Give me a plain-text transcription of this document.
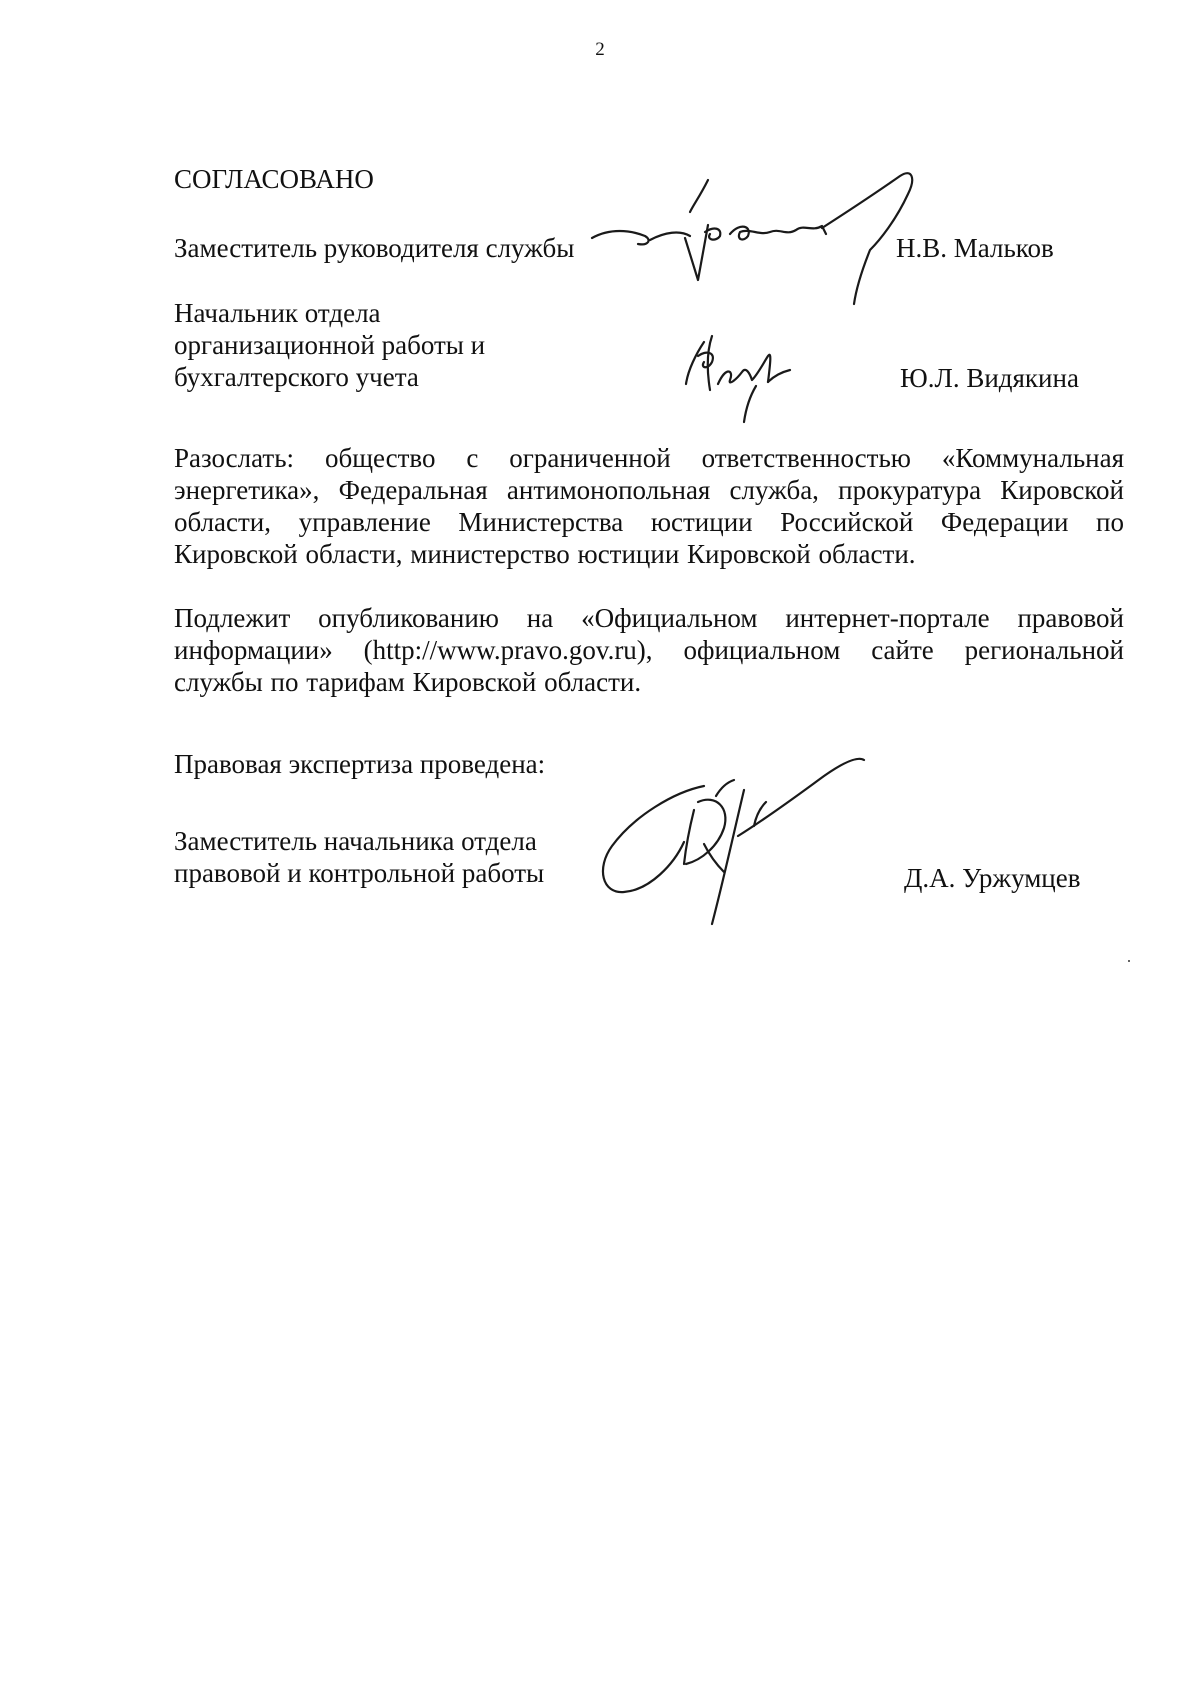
2
СОГЛАСОВАНО
Заместитель руководителя службы	Н.В. Мальков
Начальник отдела
организационной работы и
бухгалтерского учета	Ю.Л. Видякина
Разослать: общество с ограниченной ответственностью «Коммунальная энергетика», Федеральная антимонопольная служба, прокуратура Кировской области, управление Министерства юстиции Российской Федерации по Кировской области, министерство юстиции Кировской области.
Подлежит опубликованию на «Официальном интернет-портале правовой информации» (http://www.pravo.gov.ru), официальном сайте региональной службы по тарифам Кировской области.
Правовая экспертиза проведена:
Заместитель начальника отдела
правовой и контрольной работы	Д.А. Уржумцев
